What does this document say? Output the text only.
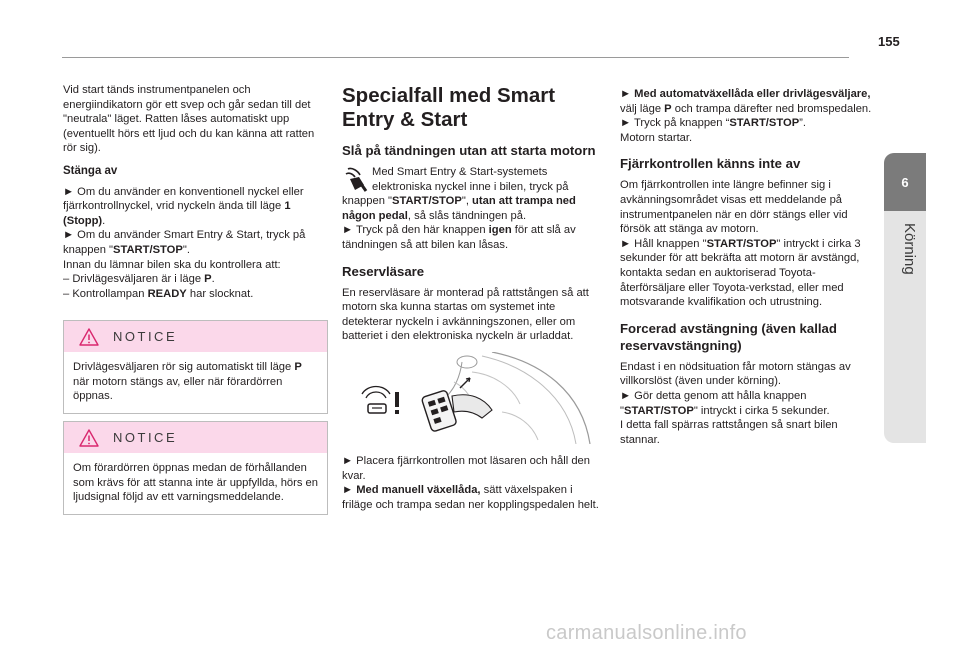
155
6
Körning

Vid start tänds instrumentpanelen och energiindikatorn gör ett svep och går sedan till det "neutrala" läget. Ratten låses automatiskt upp (eventuellt hörs ett ljud och du kan känna att ratten rör sig).

Stänga av

► Om du använder en konventionell nyckel eller fjärrkontrollnyckel, vrid nyckeln ända till läge 1 (Stopp).

► Om du använder Smart Entry & Start, tryck på knappen "START/STOP".

Innan du lämnar bilen ska du kontrollera att:

– Drivlägesväljaren är i läge P.

– Kontrollampan READY har slocknat.

NOTICE

Drivlägesväljaren rör sig automatiskt till läge P när motorn stängs av, eller när förardörren öppnas.

NOTICE

Om förardörren öppnas medan de förhållanden som krävs för att stanna inte är uppfyllda, hörs en ljudsignal följd av ett varningsmeddelande.

Specialfall med Smart Entry & Start

Slå på tändningen utan att starta motorn

Med Smart Entry & Start-systemets elektroniska nyckel inne i bilen, tryck på knappen "START/STOP", utan att trampa ned någon pedal, så slås tändningen på.

► Tryck på den här knappen igen för att slå av tändningen så att bilen kan låsas.

Reservläsare

En reservläsare är monterad på rattstången så att motorn ska kunna startas om systemet inte detekterar nyckeln i avkänningszonen, eller om batteriet i den elektroniska nyckeln är urladdat.

► Placera fjärrkontrollen mot läsaren och håll den kvar.

► Med manuell växellåda, sätt växelspaken i friläge och trampa sedan ner kopplingspedalen helt.

► Med automatväxellåda eller drivlägesväljare, välj läge P och trampa därefter ned bromspedalen.

► Tryck på knappen “START/STOP”.

Motorn startar.

Fjärrkontrollen känns inte av

Om fjärrkontrollen inte längre befinner sig i avkänningsområdet visas ett meddelande på instrumentpanelen när en dörr stängs eller vid försök att stänga av motorn.

► Håll knappen "START/STOP" intryckt i cirka 3 sekunder för att bekräfta att motorn är avstängd, kontakta sedan en auktoriserad Toyota-återförsäljare eller Toyota-verkstad, eller med motsvarande kvalifikation och utrustning.

Forcerad avstängning (även kallad reservavstängning)

Endast i en nödsituation får motorn stängas av villkorslöst (även under körning).

► Gör detta genom att hålla knappen "START/STOP" intryckt i cirka 5 sekunder.

I detta fall spärras rattstången så snart bilen stannar.

carmanualsonline.info
